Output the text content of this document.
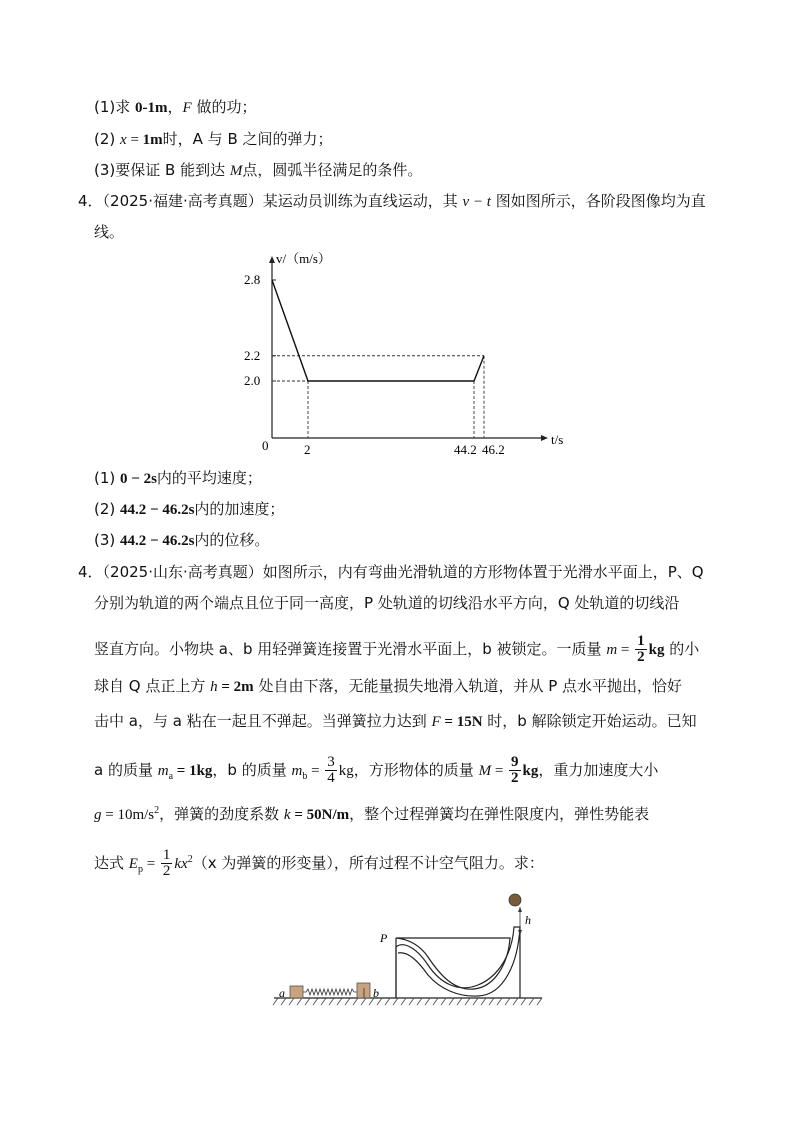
(1)求 0-1m，F 做的功；
(2) x = 1m时，A 与 B 之间的弹力；
(3)要保证 B 能到达 M点，圆弧半径满足的条件。
4．（2025·福建·高考真题）某运动员训练为直线运动，其 v − t 图如图所示，各阶段图像均为直
线。
v/（m/s）
t/s
0
2.8
2.2
2.0
2	44.2 46.2
(1) 0 − 2s内的平均速度；
(2) 44.2 − 46.2s内的加速度；
(3) 44.2 − 46.2s内的位移。
4．（2025·山东·高考真题）如图所示，内有弯曲光滑轨道的方形物体置于光滑水平面上，P、Q
分别为轨道的两个端点且位于同一高度，P 处轨道的切线沿水平方向，Q 处轨道的切线沿
竖直方向。小物块 a、b 用轻弹簧连接置于光滑水平面上，b 被锁定。一质量 $m = \frac{1}{2}$ kg 的小
球自 Q 点正上方 h = 2m 处自由下落，无能量损失地滑入轨道，并从 P 点水平抛出，恰好
击中 a，与 a 粘在一起且不弹起。当弹簧拉力达到 F = 15N 时，b 解除锁定开始运动。已知
a 的质量 $m_a = 1kg$，b 的质量 $m_b = \frac{3}{4}$ kg，方形物体的质量 $M = \frac{9}{2}$ kg，重力加速度大小
$g = 10m/s^2$，弹簧的劲度系数 k = 50N/m，整个过程弹簧均在弹性限度内，弹性势能表
达式 $E_p = \frac{1}{2} kx^2(x$ 为弹簧的形变量），所有过程不计空气阻力。求：
a	b
P
h
